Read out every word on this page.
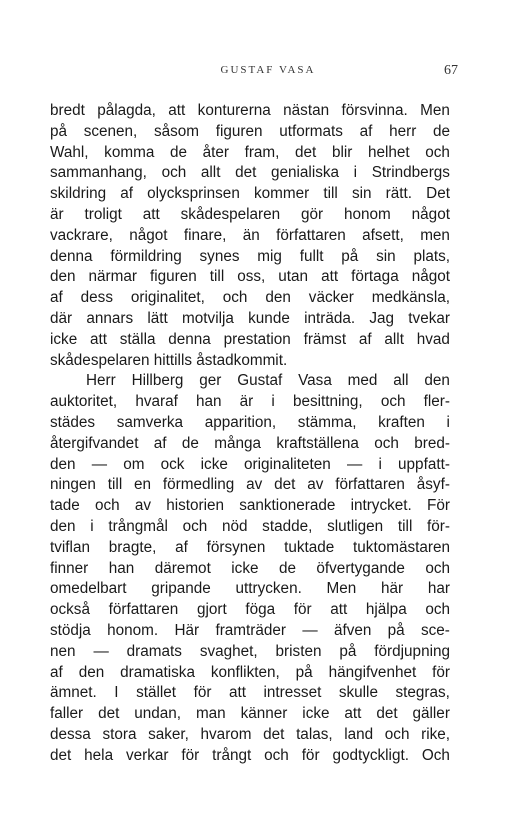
GUSTAF VASA	67
bredt pålagda, att konturerna nästan försvinna. Men
på scenen, såsom figuren utformats af herr de
Wahl, komma de åter fram, det blir helhet och
sammanhang, och allt det genialiska i Strindbergs
skildring af olycksprinsen kommer till sin rätt. Det
är troligt att skådespelaren gör honom något
vackrare, något finare, än författaren afsett, men
denna förmildring synes mig fullt på sin plats,
den närmar figuren till oss, utan att förtaga något
af dess originalitet, och den väcker medkänsla,
där annars lätt motvilja kunde inträda. Jag tvekar
icke att ställa denna prestation främst af allt hvad
skådespelaren hittills åstadkommit.
Herr Hillberg ger Gustaf Vasa med all den
auktoritet, hvaraf han är i besittning, och fler-
städes samverka apparition, stämma, kraften i
återgifvandet af de många kraftställena och bred-
den — om ock icke originaliteten — i uppfatt-
ningen till en förmedling av det av författaren åsyf-
tade och av historien sanktionerade intrycket. För
den i trångmål och nöd stadde, slutligen till för-
tviflan bragte, af försynen tuktade tuktomästaren
finner han däremot icke de öfvertygande och
omedelbart gripande uttrycken. Men här har
också författaren gjort föga för att hjälpa och
stödja honom. Här framträder — äfven på sce-
nen — dramats svaghet, bristen på fördjupning
af den dramatiska konflikten, på hängifvenhet för
ämnet. I stället för att intresset skulle stegras,
faller det undan, man känner icke att det gäller
dessa stora saker, hvarom det talas, land och rike,
det hela verkar för trångt och för godtyckligt. Och
